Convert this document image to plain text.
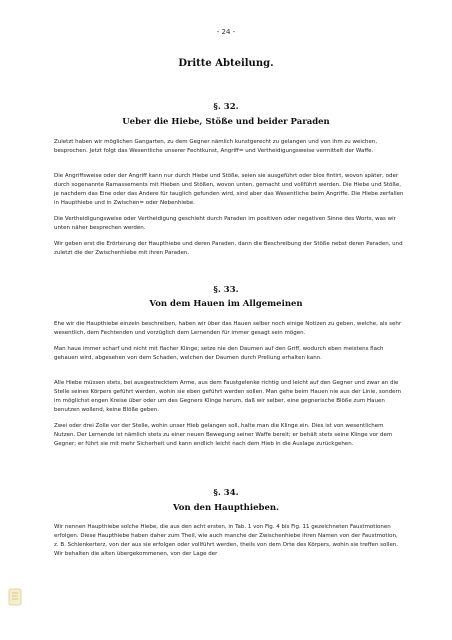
- 24 -
Dritte Abteilung.
§. 32.
Ueber die Hiebe, Stöße und beider Paraden

Zuletzt haben wir möglichen Gangarten, zu dem Gegner nämlich kunstgerecht zu gelangen und von ihm zu weichen, besprochen. Jetzt folgt das Wesentliche unserer Fechtkunst, Angriff= und Vertheidigungsweise vermittelt der Waffe.

Die Angriffsweise oder der Angriff kann nur durch Hiebe und Stöße, seien sie ausgeführt oder blos fintirt, wovon später, oder durch sogenannte Ramassements mit Hieben und Stößen, wovon unten, gemacht und vollführt werden. Die Hiebe und Stöße, je nachdem das Eine oder das Andere für tauglich gefunden wird, sind aber das Wesentliche beim Angriffe. Die Hiebe zerfallen in Haupthiebe und in Zwischen= oder Nebenhiebe.

Die Vertheidigungsweise oder Vertheidigung geschieht durch Paraden im positiven oder negativen Sinne des Worts, was wir unten näher besprechen werden.

Wir geben erst die Erörterung der Haupthiebe und deren Paraden, dann die Beschreibung der Stöße nebst deren Paraden, und zuletzt die der Zwischenhiebe mit ihren Paraden.

§. 33.
Von dem Hauen im Allgemeinen

Ehe wir die Haupthiebe einzeln beschreiben, haben wir über das Hauen selber noch einige Notizen zu geben, welche, als sehr wesentlich, dem Fechtenden und vorzüglich dem Lernenden für immer gesagt sein mögen.

Man haue immer scharf und nicht mit flacher Klinge; setze nie den Daumen auf den Griff, wodurch eben meistens flach gehauen wird, abgesehen von dem Schaden, welchen der Daumen durch Prellung erhalten kann.

Alle Hiebe müssen stets, bei ausgestrecktem Arme, aus dem Faustgelenke richtig und leicht auf den Gegner und zwar an die Stelle seines Körpers geführt werden, wohin sie eben geführt werden sollen. Man gehe beim Hauen nie aus der Linie, sondern im möglichst engen Kreise über oder um des Gegners Klinge herum, daß wir selber, eine gegnerische Blöße zum Hauen benutzen wollend, keine Blöße geben.

Zwei oder drei Zolle vor der Stelle, wohin unser Hieb gelangen soll, halte man die Klinge ein. Dies ist von wesentlichem Nutzen. Der Lernende ist nämlich stets zu einer neuen Bewegung seiner Waffe bereit; er behält stets seine Klinge vor dem Gegner; er führt sie mit mehr Sicherheit und kann endlich leicht nach dem Hieb in die Auslage zurückgehen.

§. 34.
Von den Haupthieben.

Wir nennen Haupthiebe solche Hiebe, die aus den acht ersten, in Tab. 1 von Fig. 4 bis Fig. 11 gezeichneten Faustmotionen erfolgen. Diese Haupthiebe haben daher zum Theil, wie auch manche der Zwischenhiebe ihren Namen von der Faustmotion, z. B. Schlenkerterz, von der aus sie erfolgen oder vollführt werden, theils von dem Orte des Körpers, wohin sie treffen sollen. Wir behalten die alten übergekommenen, von der Lage der
